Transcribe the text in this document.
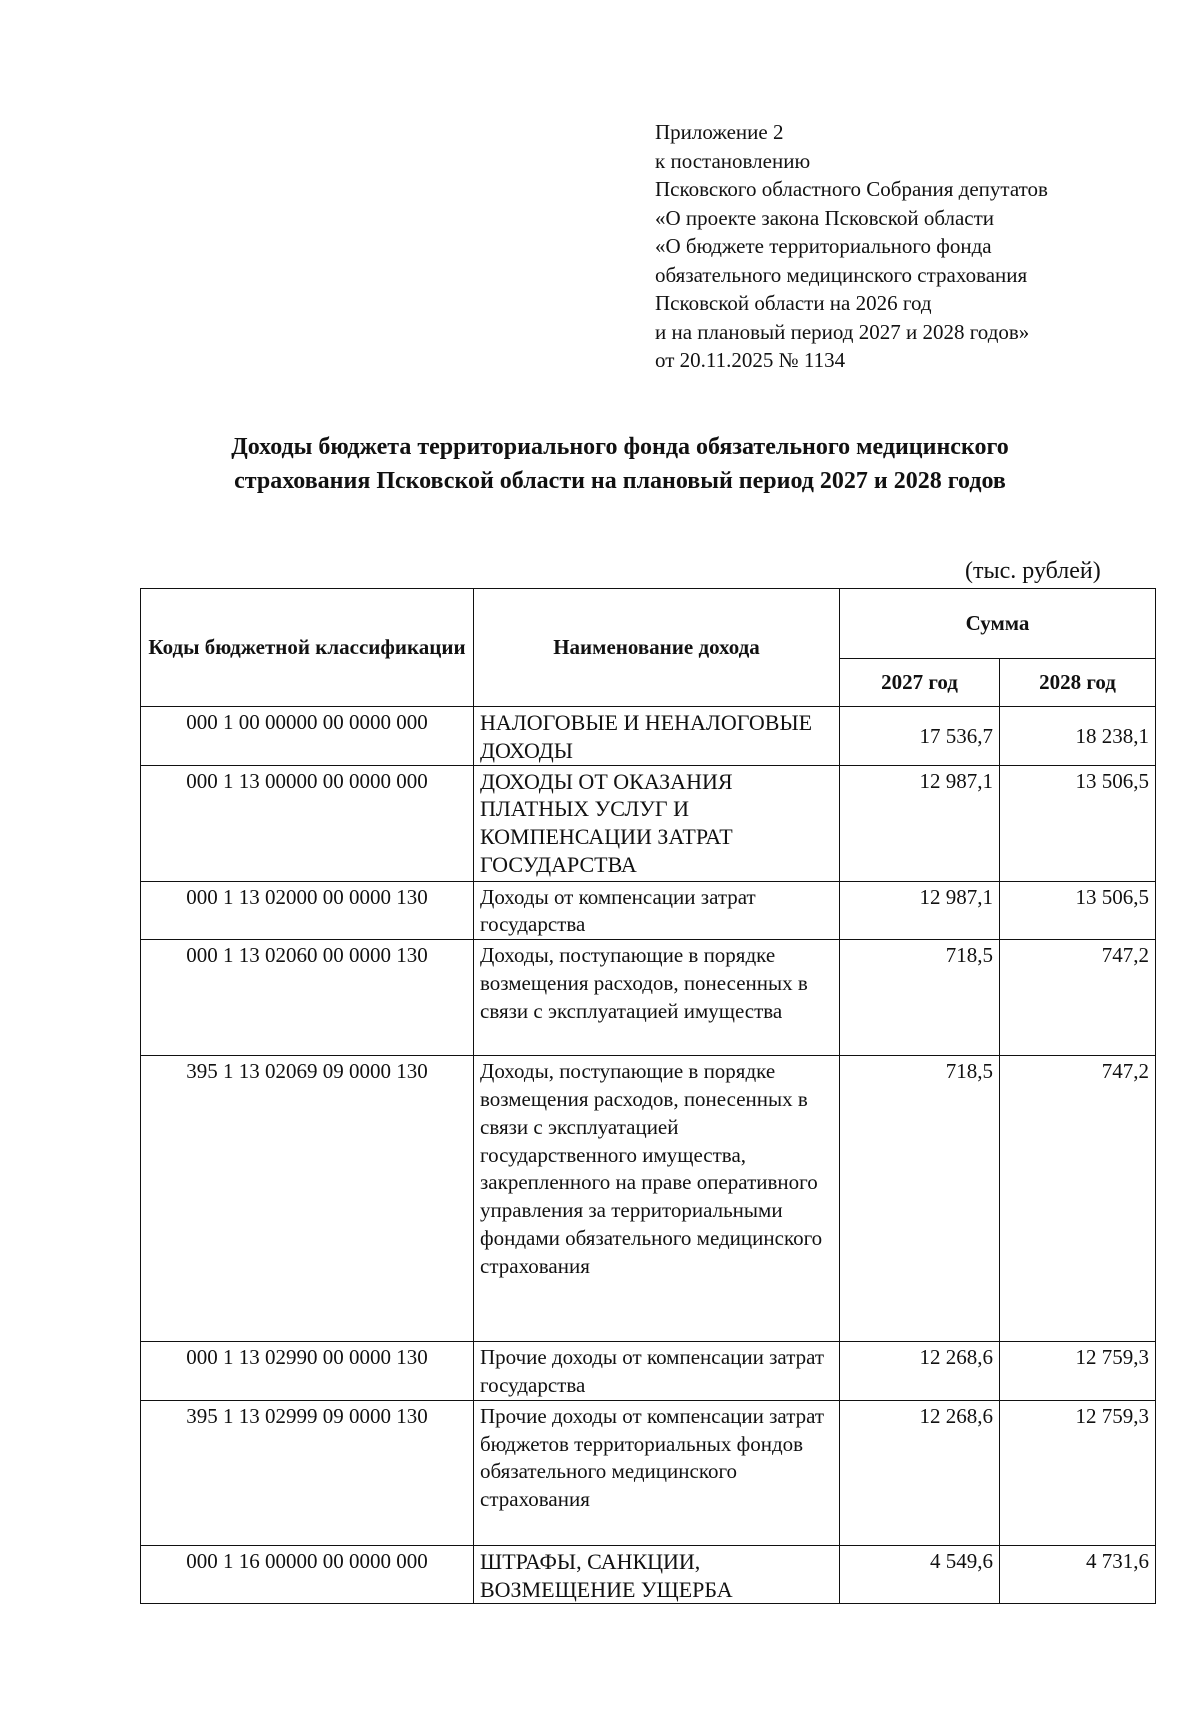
Приложение 2
к постановлению
Псковского областного Собрания депутатов
«О проекте закона Псковской области
«О бюджете территориального фонда
обязательного медицинского страхования
Псковской области на 2026 год
и на плановый период 2027 и 2028 годов»
от 20.11.2025 № 1134
Доходы бюджета территориального фонда обязательного медицинского
страхования Псковской области на плановый период 2027 и 2028 годов
(тыс. рублей)
Коды бюджетной классификации	Наименование дохода	Сумма	
		2027 год	2028 год
000 1 00 00000 00 0000 000	НАЛОГОВЫЕ И НЕНАЛОГОВЫЕ ДОХОДЫ	17 536,7	18 238,1
000 1 13 00000 00 0000 000	ДОХОДЫ ОТ ОКАЗАНИЯ ПЛАТНЫХ УСЛУГ И КОМПЕНСАЦИИ ЗАТРАТ ГОСУДАРСТВА	12 987,1	13 506,5
000 1 13 02000 00 0000 130	Доходы от компенсации затрат государства	12 987,1	13 506,5
000 1 13 02060 00 0000 130	Доходы, поступающие в порядке возмещения расходов, понесенных в связи с эксплуатацией имущества	718,5	747,2
395 1 13 02069 09 0000 130	Доходы, поступающие в порядке возмещения расходов, понесенных в связи с эксплуатацией государственного имущества, закрепленного на праве оперативного управления за территориальными фондами обязательного медицинского страхования	718,5	747,2
000 1 13 02990 00 0000 130	Прочие доходы от компенсации затрат государства	12 268,6	12 759,3
395 1 13 02999 09 0000 130	Прочие доходы от компенсации затрат бюджетов территориальных фондов обязательного медицинского страхования	12 268,6	12 759,3
000 1 16 00000 00 0000 000	ШТРАФЫ, САНКЦИИ, ВОЗМЕЩЕНИЕ УЩЕРБА	4 549,6	4 731,6
